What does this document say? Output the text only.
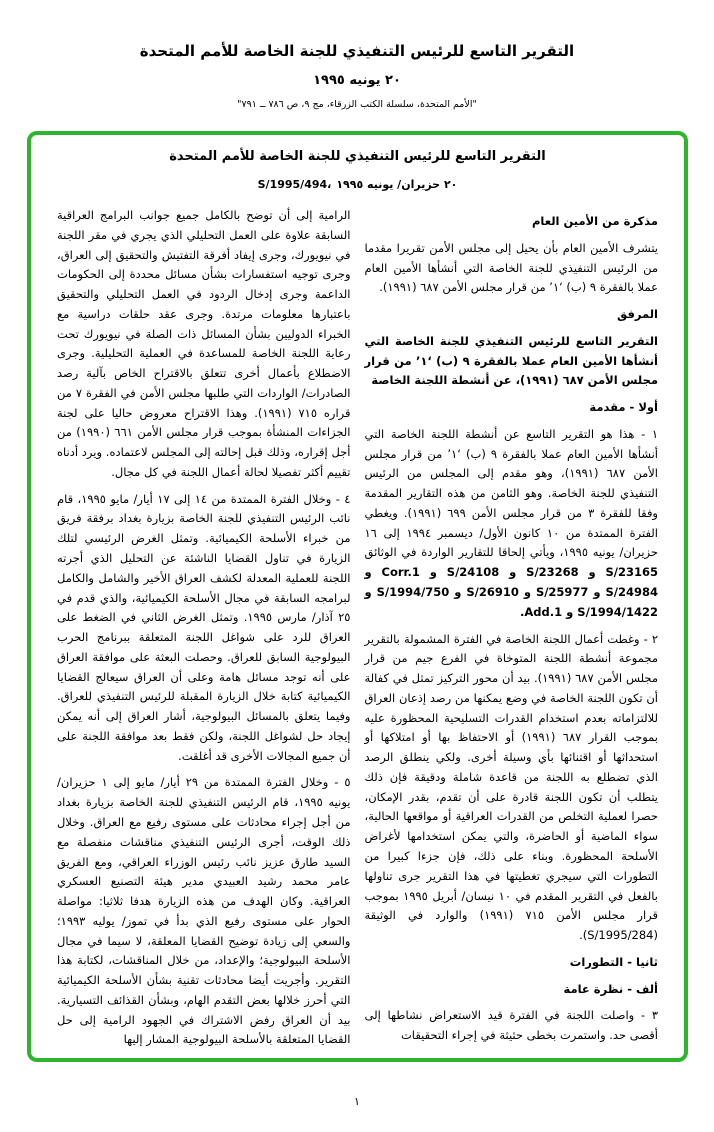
التقرير التاسع للرئيس التنفيذي للجنة الخاصة للأمم المتحدة
٢٠ يونيه ١٩٩٥
"الأمم المتحدة، سلسلة الكتب الزرقاء، مج ٩، ص ٧٨٦ ــ ٧٩١"
التقرير التاسع للرئيس التنفيذي للجنة الخاصة للأمم المتحدة
S/1995/494، ٢٠ حزيران/ يونيه ١٩٩٥
مذكرة من الأمين العام

يتشرف الأمين العام بأن يحيل إلى مجلس الأمن تقريرا مقدما من الرئيس التنفيذي للجنة الخاصة التي أنشأها الأمين العام عملا بالفقرة ٩ (ب) ‘١’ من قرار مجلس الأمن ٦٨٧ (١٩٩١).

المرفق

التقرير التاسع للرئيس التنفيذي للجنة الخاصة التي أنشأها الأمين العام عملا بالفقرة ٩ (ب) ‘١’ من قرار مجلس الأمن ٦٨٧ (١٩٩١)، عن أنشطة اللجنة الخاصة

أولا - مقدمة

١ - هذا هو التقرير التاسع عن أنشطة اللجنة الخاصة التي أنشأها الأمين العام عملا بالفقرة ٩ (ب) ‘١’ من قرار مجلس الأمن ٦٨٧ (١٩٩١)، وهو مقدم إلى المجلس من الرئيس التنفيذي للجنة الخاصة. وهو الثامن من هذه التقارير المقدمة وفقا للفقرة ٣ من قرار مجلس الأمن ٦٩٩ (١٩٩١). ويغطي الفترة الممتدة من ١٠ كانون الأول/ ديسمبر ١٩٩٤ إلى ١٦ حزيران/ يونيه ١٩٩٥، ويأتي إلحاقا للتقارير الواردة في الوثائق S/23165 و S/23268 و S/24108 و Corr.1 و S/24984 و S/25977 و S/26910 و S/1994/750 و S/1994/1422 و Add.1.

٢ - وغطت أعمال اللجنة الخاصة في الفترة المشمولة بالتقرير مجموعة أنشطة اللجنة المتوخاة في الفرع جيم من قرار مجلس الأمن ٦٨٧ (١٩٩١). بيد أن محور التركيز تمثل في كفالة أن تكون اللجنة الخاصة في وضع يمكنها من رصد إذعان العراق للالتزاماته بعدم استخدام القدرات التسليحية المحظورة عليه بموجب القرار ٦٨٧ (١٩٩١) أو الاحتفاظ بها أو امتلاكها أو استحداثها أو اقتنائها بأي وسيلة أخرى. ولكي ينطلق الرصد الذي تضطلع به اللجنة من قاعدة شاملة ودقيقة فإن ذلك يتطلب أن تكون اللجنة قادرة على أن تقدم، بقدر الإمكان، حصرا لعملية التخلص من القدرات العراقية أو مواقعها الحالية، سواء الماضية أو الحاضرة، والتي يمكن استخدامها لأغراض الأسلحة المحظورة. وبناء على ذلك، فإن جزءا كبيرا من التطورات التي سيجري تغطيتها في هذا التقرير جرى تناولها بالفعل في التقرير المقدم في ١٠ نيسان/ أبريل ١٩٩٥ بموجب قرار مجلس الأمن ٧١٥ (١٩٩١) والوارد في الوثيقة (S/1995/284).

ثانيا - التطورات
ألف - نظرة عامة

٣ - واصلت اللجنة في الفترة قيد الاستعراض نشاطها إلى أقصى حد. واستمرت بخطى حثيثة في إجراء التحقيقات

الرامية إلى أن توضح بالكامل جميع جوانب البرامج العراقية السابقة علاوة على العمل التحليلي الذي يجري في مقر اللجنة في نيويورك، وجرى إيفاد أفرقة التفتيش والتحقيق إلى العراق، وجرى توجيه استفسارات بشأن مسائل محددة إلى الحكومات الداعمة وجرى إدخال الردود في العمل التحليلي والتحقيق باعتبارها معلومات مرتدة. وجرى عقد حلقات دراسية مع الخبراء الدوليين بشأن المسائل ذات الصلة في نيويورك تحت رعاية اللجنة الخاصة للمساعدة في العملية التحليلية. وجرى الاضطلاع بأعمال أخرى تتعلق بالاقتراح الخاص بآلية رصد الصادرات/ الواردات التي طلبها مجلس الأمن في الفقرة ٧ من قراره ٧١٥ (١٩٩١). وهذا الاقتراح معروض حاليا على لجنة الجزاءات المنشأة بموجب قرار مجلس الأمن ٦٦١ (١٩٩٠) من أجل إقراره، وذلك قبل إحالته إلى المجلس لاعتماده. ويرد أدناه تقييم أكثر تفصيلا لحالة أعمال اللجنة في كل مجال.

٤ - وخلال الفترة الممتدة من ١٤ إلى ١٧ أيار/ مايو ١٩٩٥، قام نائب الرئيس التنفيذي للجنة الخاصة بزيارة بغداد برفقة فريق من خبراء الأسلحة الكيميائية. وتمثل الغرض الرئيسي لتلك الزيارة في تناول القضايا الناشئة عن التحليل الذي أجرته اللجنة للعملية المعدلة لكشف العراق الأخير والشامل والكامل لبرامجه السابقة في مجال الأسلحة الكيميائية، والذي قدم في ٢٥ آذار/ مارس ١٩٩٥. وتمثل الغرض الثاني في الضغط على العراق للرد على شواغل اللجنة المتعلقة ببرنامج الحرب البيولوجية السابق للعراق. وحصلت البعثة على موافقة العراق على أنه توجد مسائل هامة وعلى أن العراق سيعالج القضايا الكيميائية كتابة خلال الزيارة المقبلة للرئيس التنفيذي للعراق. وفيما يتعلق بالمسائل البيولوجية، أشار العراق إلى أنه يمكن إيجاد حل لشواغل اللجنة، ولكن فقط بعد موافقة اللجنة على أن جميع المجالات الأخرى قد أغلقت.

٥ - وخلال الفترة الممتدة من ٢٩ أيار/ مايو إلى ١ حزيران/ يونيه ١٩٩٥، قام الرئيس التنفيذي للجنة الخاصة بزيارة بغداد من أجل إجراء محادثات على مستوى رفيع مع العراق. وخلال ذلك الوقت، أجرى الرئيس التنفيذي مناقشات منفصلة مع السيد طارق عزيز نائب رئيس الوزراء العراقي، ومع الفريق عامر محمد رشيد العبيدي مدير هيئة التصنيع العسكري العراقية. وكان الهدف من هذه الزيارة هدفا ثلاثيا: مواصلة الحوار على مستوى رفيع الذي بدأ في تموز/ يوليه ١٩٩٣؛ والسعي إلى زيادة توضيح القضايا المعلقة، لا سيما في مجال الأسلحة البيولوجية؛ والإعداد، من خلال المناقشات، لكتابة هذا التقرير. وأجريت أيضا محادثات تقنية بشأن الأسلحة الكيميائية التي أحرز خلالها بعض التقدم الهام، وبشأن القذائف التسيارية. بيد أن العراق رفض الاشتراك في الجهود الرامية إلى حل القضايا المتعلقة بالأسلحة البيولوجية المشار إليها

١
